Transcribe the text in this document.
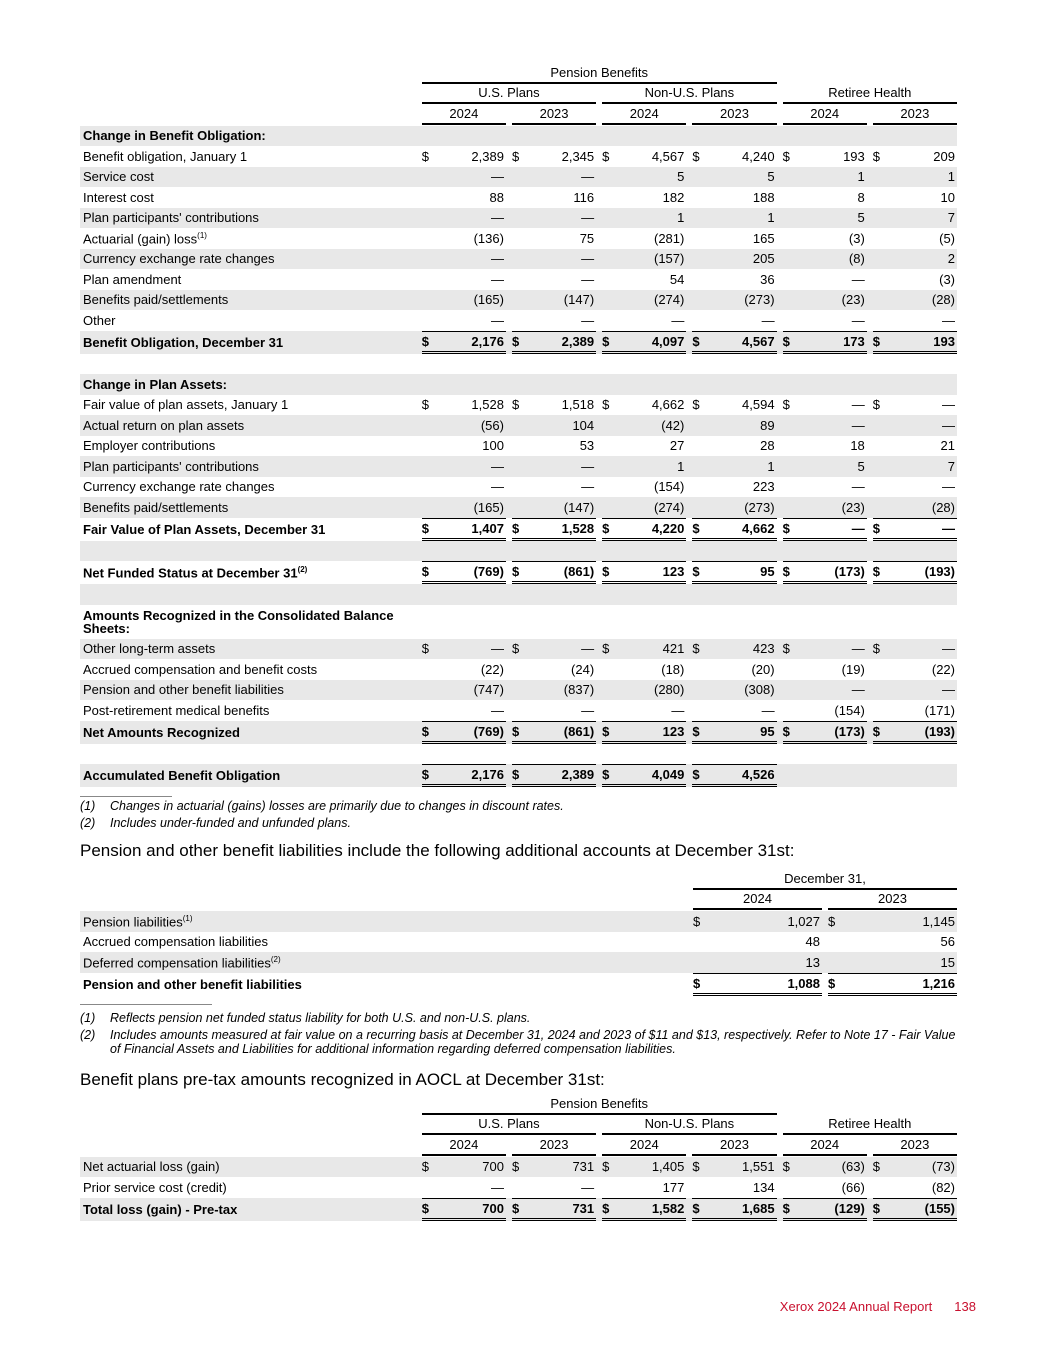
	Pension Benefits					

	U.S. Plans		Non-U.S. Plans		Retiree Health	

	2024	2023	2024	2023	2024	2023

Change in Benefit Obligation:						
Benefit obligation, January 1	$ 2,389	$ 2,345	$ 4,567	$ 4,240	$ 193	$ 209

Service cost	—	—	5	5	1	1

Interest cost	88	116	182	188	8	10

Plan participants' contributions	—	—	1	1	5	7

Actuarial (gain) loss$^{(1)}$	(136)	75	(281)	165	(3)	(5)

Currency exchange rate changes	—	—	(157)	205	(8)	2

Plan amendment	—	—	54	36	—	(3)

Benefits paid/settlements	(165)	(147)	(274)	(273)	(23)	(28)

Other	—	—	—	—	—	—

Benefit Obligation, December 31	$ 2,176	$ 2,389	$ 4,097	$ 4,567	$ 173	$ 193

Change in Plan Assets:						
Fair value of plan assets, January 1	$ 1,528	$ 1,518	$ 4,662	$ 4,594	$ —	$ —

Actual return on plan assets	(56)	104	(42)	89	—	—

Employer contributions	100	53	27	28	18	21

Plan participants' contributions	—	—	1	1	5	7

Currency exchange rate changes	—	—	(154)	223	—	—

Benefits paid/settlements	(165)	(147)	(274)	(273)	(23)	(28)

Fair Value of Plan Assets, December 31	$ 1,407	$ 1,528	$ 4,220	$ 4,662	$ —	$ —

Net Funded Status at December 31$^{(2)}$	$ (769)	$ (861)	$ 123	$ 95	$ (173)	$ (193)

Amounts Recognized in the Consolidated Balance Sheets:						
Other long-term assets	$ —	$ —	$ 421	$ 423	$ —	$ —

Accrued compensation and benefit costs	(22)	(24)	(18)	(20)	(19)	(22)

Pension and other benefit liabilities	(747)	(837)	(280)	(308)	—	—

Post-retirement medical benefits	—	—	—	—	(154)	(171)

Net Amounts Recognized	$ (769)	$ (861)	$ 123	$ 95	$ (173)	$ (193)

Accumulated Benefit Obligation	$ 2,176	$ 2,389	$ 4,049	$ 4,526		

(1)	Changes in actuarial (gains) losses are primarily due to changes in discount rates.
(2)	Includes under-funded and unfunded plans.
Pension and other benefit liabilities include the following additional accounts at December 31st:

	December 31,	

	2024	2023

Pension liabilities$^{(1)}$	$ 1,027	$ 1,145

Accrued compensation liabilities	48	56

Deferred compensation liabilities$^{(2)}$	13	15

Pension and other benefit liabilities	$ 1,088	$ 1,216
(1)	Reflects pension net funded status liability for both U.S. and non-U.S. plans.
(2)	Includes amounts measured at fair value on a recurring basis at December 31, 2024 and 2023 of $11 and $13, respectively. Refer to Note 17 - Fair Value of Financial Assets and Liabilities for additional information regarding deferred compensation liabilities.
Benefit plans pre-tax amounts recognized in AOCL at December 31st:

	Pension Benefits					

	U.S. Plans		Non-U.S. Plans		Retiree Health	

	2024	2023	2024	2023	2024	2023

Net actuarial loss (gain)	$ 700	$ 731	$ 1,405	$ 1,551	$ (63)	$ (73)

Prior service cost (credit)	—	—	177	134	(66)	(82)

Total loss (gain) - Pre-tax	$ 700	$ 731	$ 1,582	$ 1,685	$ (129)	$ (155)
Xerox 2024 Annual Report 138
